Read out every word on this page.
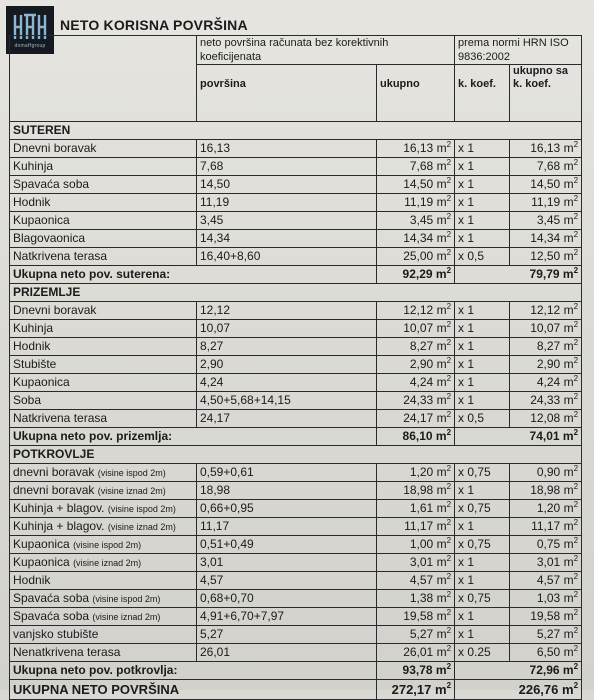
domaHgroup
NETO KORISNA POVRŠINA
	neto površina računata bez korektivnih koeficijenata		prema normi HRN ISO 9836:2002	
	površina	ukupno	k. koef.	ukupno sa k. koef.
SUTEREN				
Dnevni boravak	16,13	16,13 $m^2$	x 1	16,13 $m^2$
Kuhinja	7,68	7,68 $m^2$	x 1	7,68 $m^2$
Spavaća soba	14,50	14,50 $m^2$	x 1	14,50 $m^2$
Hodnik	11,19	11,19 $m^2$	x 1	11,19 $m^2$
Kupaonica	3,45	3,45 $m^2$	x 1	3,45 $m^2$
Blagovaonica	14,34	14,34 $m^2$	x 1	14,34 $m^2$
Natkrivena terasa	16,40+8,60	25,00 $m^2$	x 0,5	12,50 $m^2$
Ukupna neto pov. suterena:		92,29 $m^2$	79,79 $m^2$
PRIZEMLJE				
Dnevni boravak	12,12	12,12 $m^2$	x 1	12,12 $m^2$
Kuhinja	10,07	10,07 $m^2$	x 1	10,07 $m^2$
Hodnik	8,27	8,27 $m^2$	x 1	8,27 $m^2$
Stubište	2,90	2,90 $m^2$	x 1	2,90 $m^2$
Kupaonica	4,24	4,24 $m^2$	x 1	4,24 $m^2$
Soba	4,50+5,68+14,15	24,33 $m^2$	x 1	24,33 $m^2$
Natkrivena terasa	24,17	24,17 $m^2$	x 0,5	12,08 $m^2$
Ukupna neto pov. prizemlja:		86,10 $m^2$	74,01 $m^2$
POTKROVLJE				
dnevni boravak (visine ispod 2m)	0,59+0,61	1,20 $m^2$	x 0,75	0,90 $m^2$
dnevni boravak (visine iznad 2m)	18,98	18,98 $m^2$	x 1	18,98 $m^2$
Kuhinja + blagov. (visine ispod 2m)	0,66+0,95	1,61 $m^2$	x 0,75	1,20 $m^2$
Kuhinja + blagov. (visine iznad 2m)	11,17	11,17 $m^2$	x 1	11,17 $m^2$
Kupaonica (visine ispod 2m)	0,51+0,49	1,00 $m^2$	x 0,75	0,75 $m^2$
Kupaonica (visine iznad 2m)	3,01	3,01 $m^2$	x 1	3,01 $m^2$
Hodnik	4,57	4,57 $m^2$	x 1	4,57 $m^2$
Spavaća soba (visine ispod 2m)	0,68+0,70	1,38 $m^2$	x 0,75	1,03 $m^2$
Spavaća soba (visine iznad 2m)	4,91+6,70+7,97	19,58 $m^2$	x 1	19,58 $m^2$
vanjsko stubište	5,27	5,27 $m^2$	x 1	5,27 $m^2$
Nenatkrivena terasa	26,01	26,01 $m^2$	x 0.25	6,50 $m^2$
Ukupna neto pov. potkrovlja:		93,78 $m^2$	72,96 $m^2$
UKUPNA NETO POVRŠINA		272,17 $m^2$	226,76 $m^2$
